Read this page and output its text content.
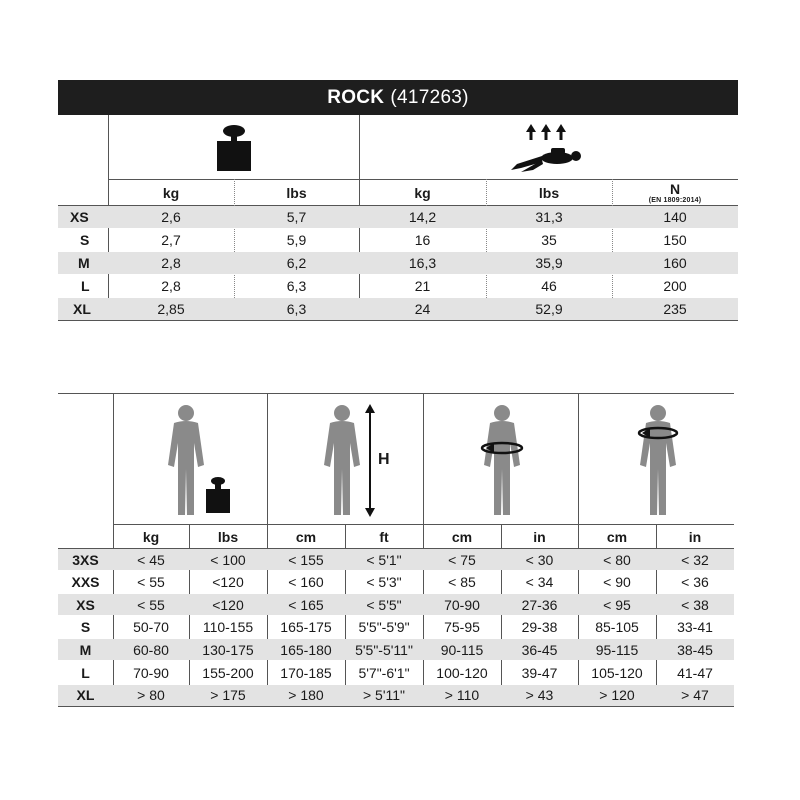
ROCK (417263)
kg	lbs	kg	lbs	N
(EN 1809:2014)
XS	2,6	5,7	14,2	31,3	140
S	2,7	5,9	16	35	150
M	2,8	6,2	16,3	35,9	160
L	2,8	6,3	21	46	200
XL	2,85	6,3	24	52,9	235
H
kg	lbs	cm	ft	cm	in	cm	in
3XS	< 45	< 100	< 155	< 5'1"	< 75	< 30	< 80	< 32
XXS	< 55	<120	< 160	< 5'3"	< 85	< 34	< 90	< 36
XS	< 55	<120	< 165	< 5'5"	70-90	27-36	< 95	< 38
S	50-70	110-155	165-175	5'5"-5'9"	75-95	29-38	85-105	33-41
M	60-80	130-175	165-180	5'5"-5'11"	90-115	36-45	95-115	38-45
L	70-90	155-200	170-185	5'7"-6'1"	100-120	39-47	105-120	41-47
XL	> 80	> 175	> 180	> 5'11"	> 110	> 43	> 120	> 47
